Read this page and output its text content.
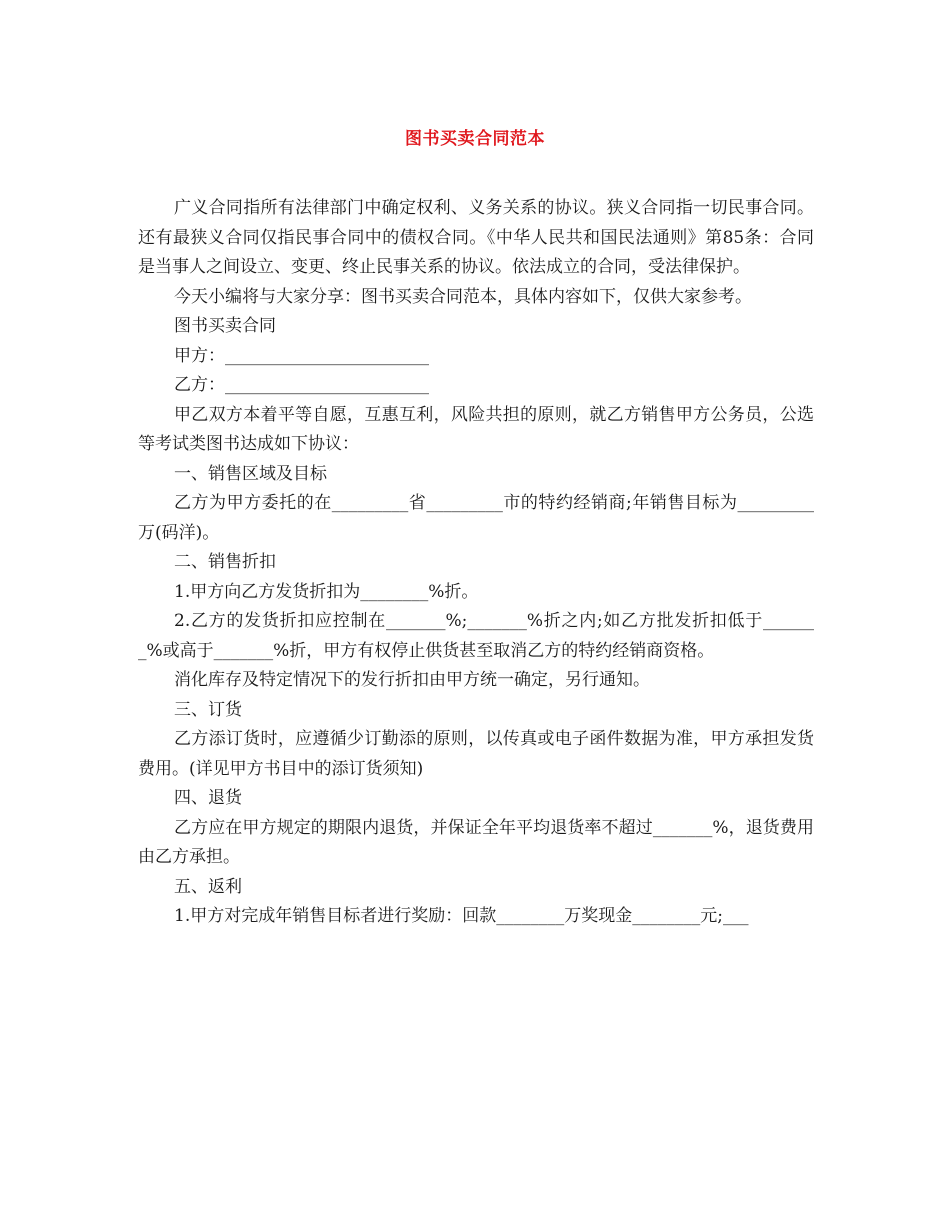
图书买卖合同范本

广义合同指所有法律部门中确定权利、义务关系的协议。狭义合同指一切民事合同。还有最狭义合同仅指民事合同中的债权合同。《中华人民共和国民法通则》第85条：合同是当事人之间设立、变更、终止民事关系的协议。依法成立的合同，受法律保护。

今天小编将与大家分享：图书买卖合同范本，具体内容如下，仅供大家参考。

图书买卖合同

甲方：________________________

乙方：________________________

甲乙双方本着平等自愿，互惠互利，风险共担的原则，就乙方销售甲方公务员，公选等考试类图书达成如下协议：

一、销售区域及目标

乙方为甲方委托的在_________省_________市的特约经销商;年销售目标为_________万(码洋)。

二、销售折扣

1.甲方向乙方发货折扣为________%折。

2.乙方的发货折扣应控制在_______%;_______%折之内;如乙方批发折扣低于_______%或高于_______%折，甲方有权停止供货甚至取消乙方的特约经销商资格。

消化库存及特定情况下的发行折扣由甲方统一确定，另行通知。

三、订货

乙方添订货时，应遵循少订勤添的原则，以传真或电子函件数据为准，甲方承担发货费用。(详见甲方书目中的添订货须知)

四、退货

乙方应在甲方规定的期限内退货，并保证全年平均退货率不超过_______%，退货费用由乙方承担。

五、返利

1.甲方对完成年销售目标者进行奖励：回款________万奖现金________元;___
